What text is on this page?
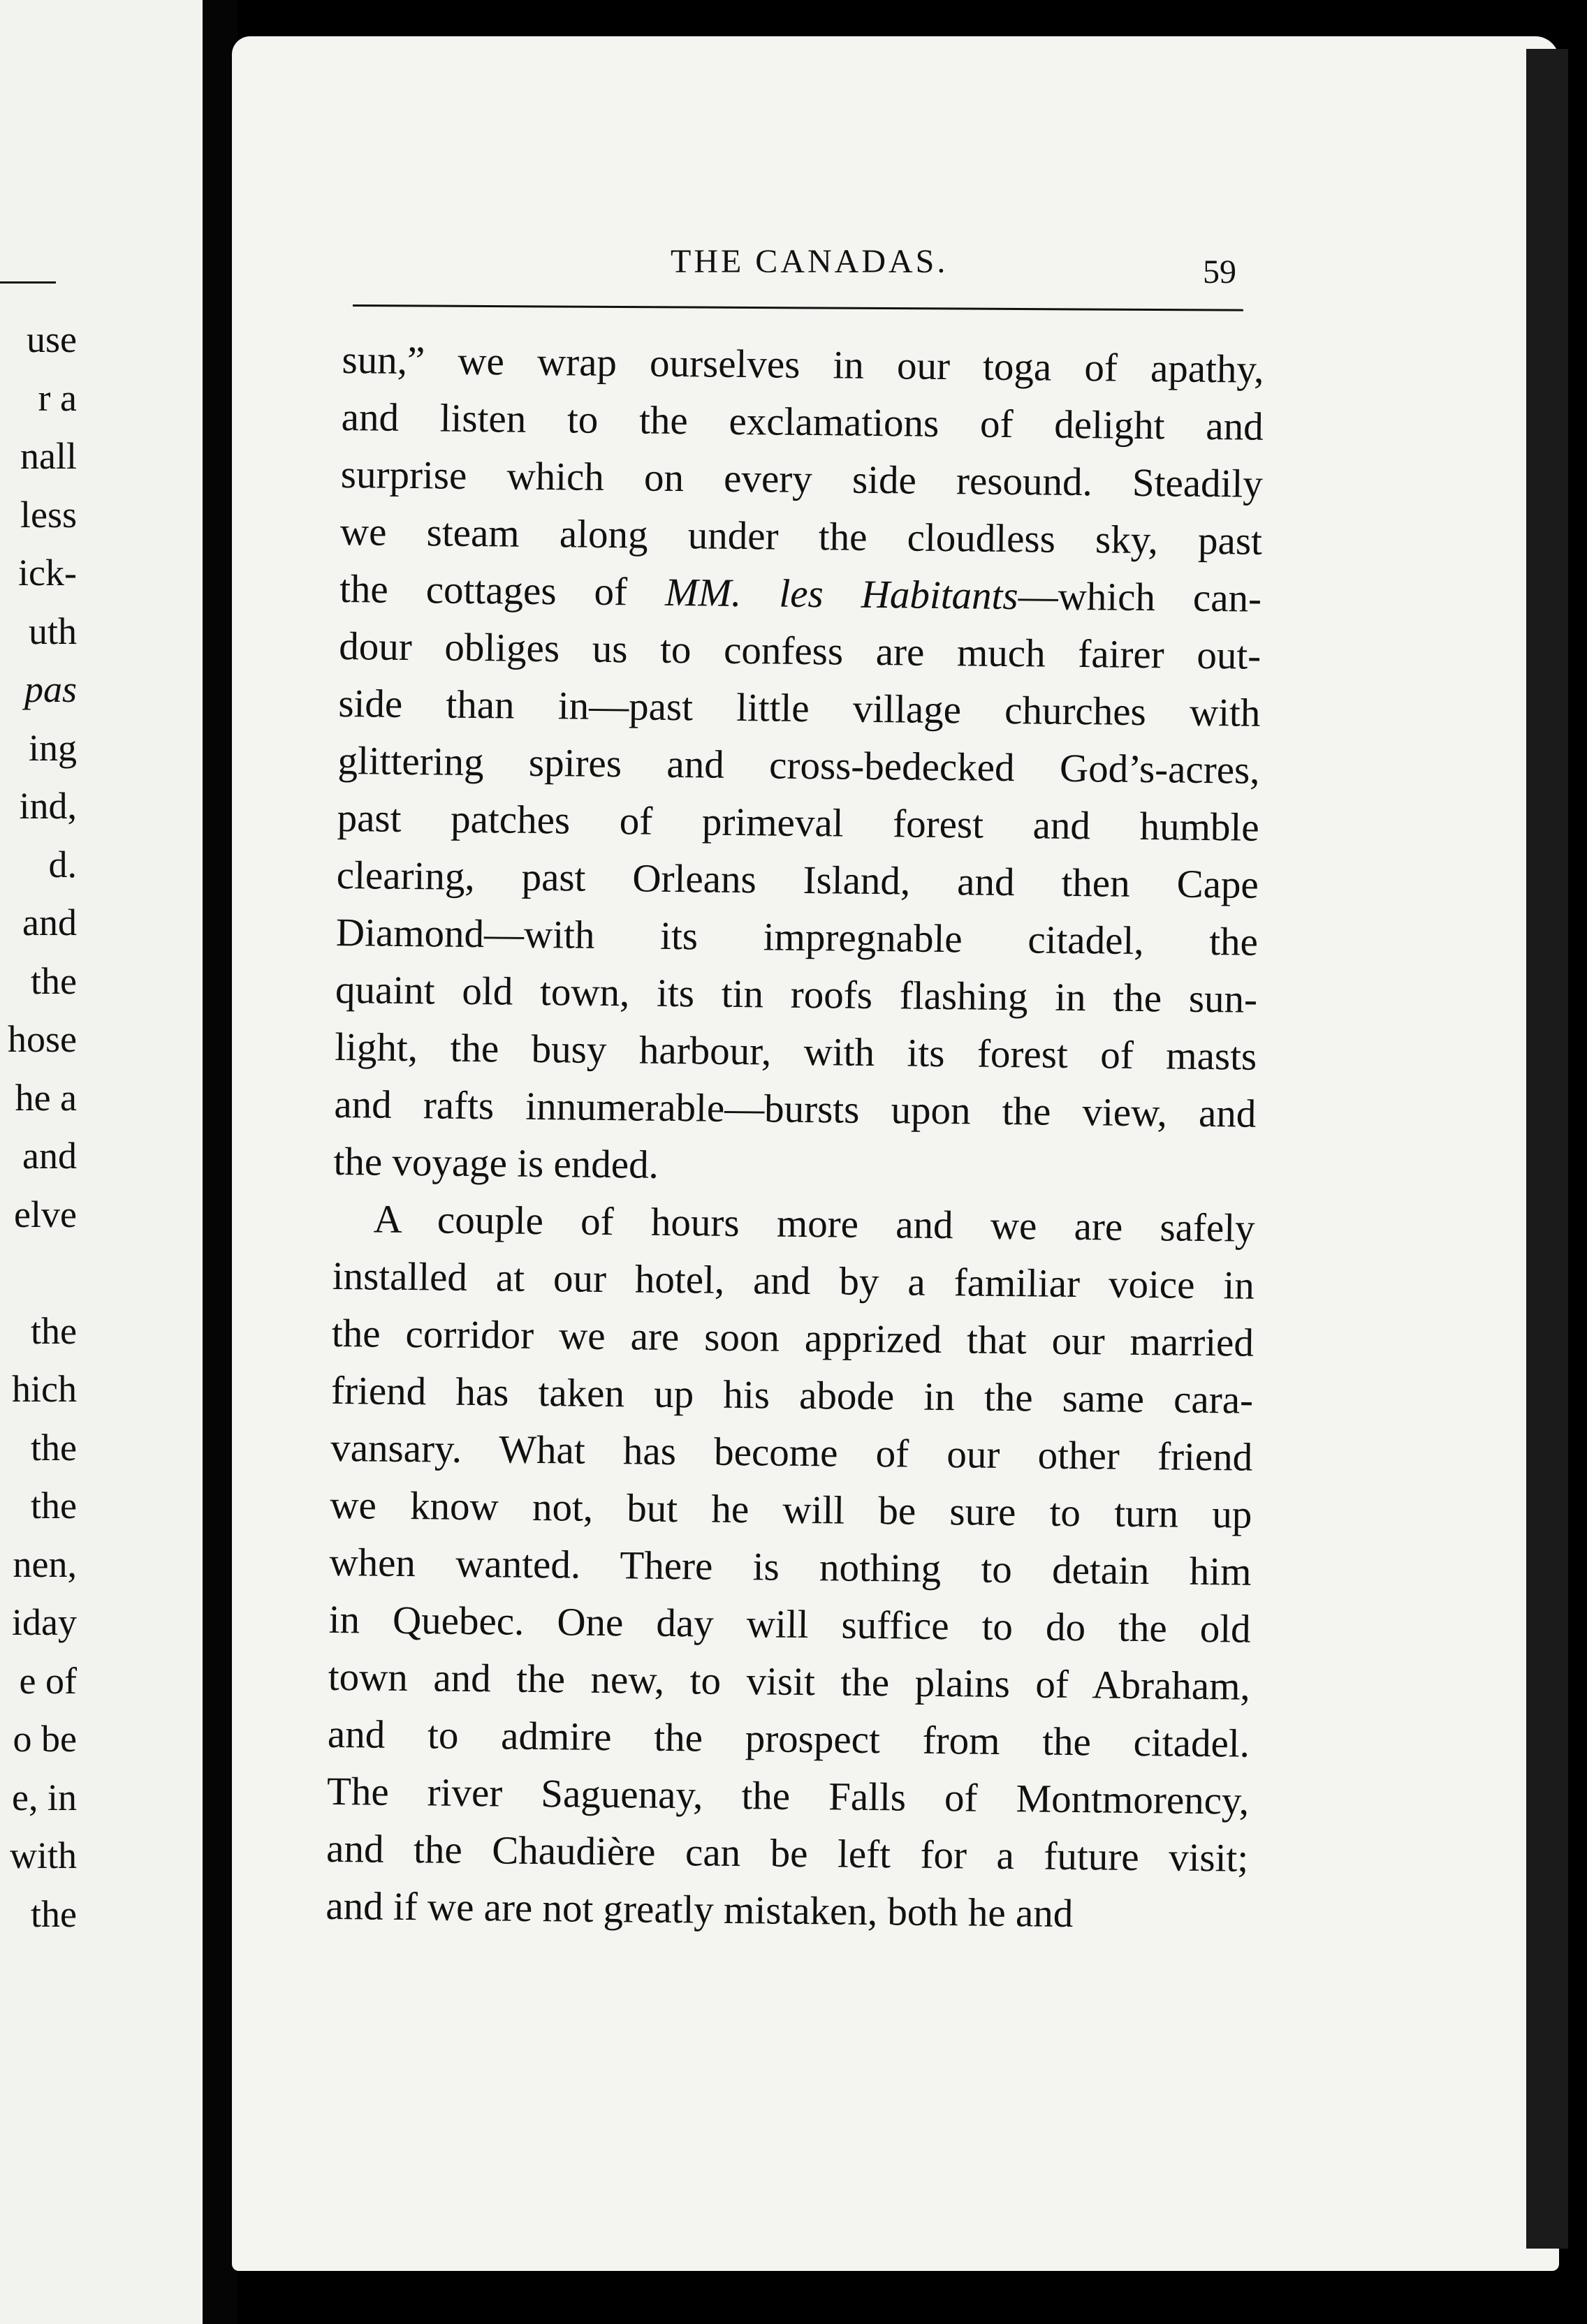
use
r a
nall
less
ick-
uth
pas
ing
ind,
d.
and
the
hose
he a
and
elve
the
hich
the
the
nen,
iday
e of
o be
e, in
with
the
THE CANADAS.	59
sun,” we wrap ourselves in our toga of apathy,
and listen to the exclamations of delight and
surprise which on every side resound. Steadily
we steam along under the cloudless sky, past
the cottages of MM. les Habitants—which can-
dour obliges us to confess are much fairer out-
side than in—past little village churches with
glittering spires and cross-bedecked God’s-acres,
past patches of primeval forest and humble
clearing, past Orleans Island, and then Cape
Diamond—with its impregnable citadel, the
quaint old town, its tin roofs flashing in the sun-
light, the busy harbour, with its forest of masts
and rafts innumerable—bursts upon the view, and
the voyage is ended.
A couple of hours more and we are safely
installed at our hotel, and by a familiar voice in
the corridor we are soon apprized that our married
friend has taken up his abode in the same cara-
vansary. What has become of our other friend
we know not, but he will be sure to turn up
when wanted. There is nothing to detain him
in Quebec. One day will suffice to do the old
town and the new, to visit the plains of Abraham,
and to admire the prospect from the citadel.
The river Saguenay, the Falls of Montmorency,
and the Chaudière can be left for a future visit;
and if we are not greatly mistaken, both he and
